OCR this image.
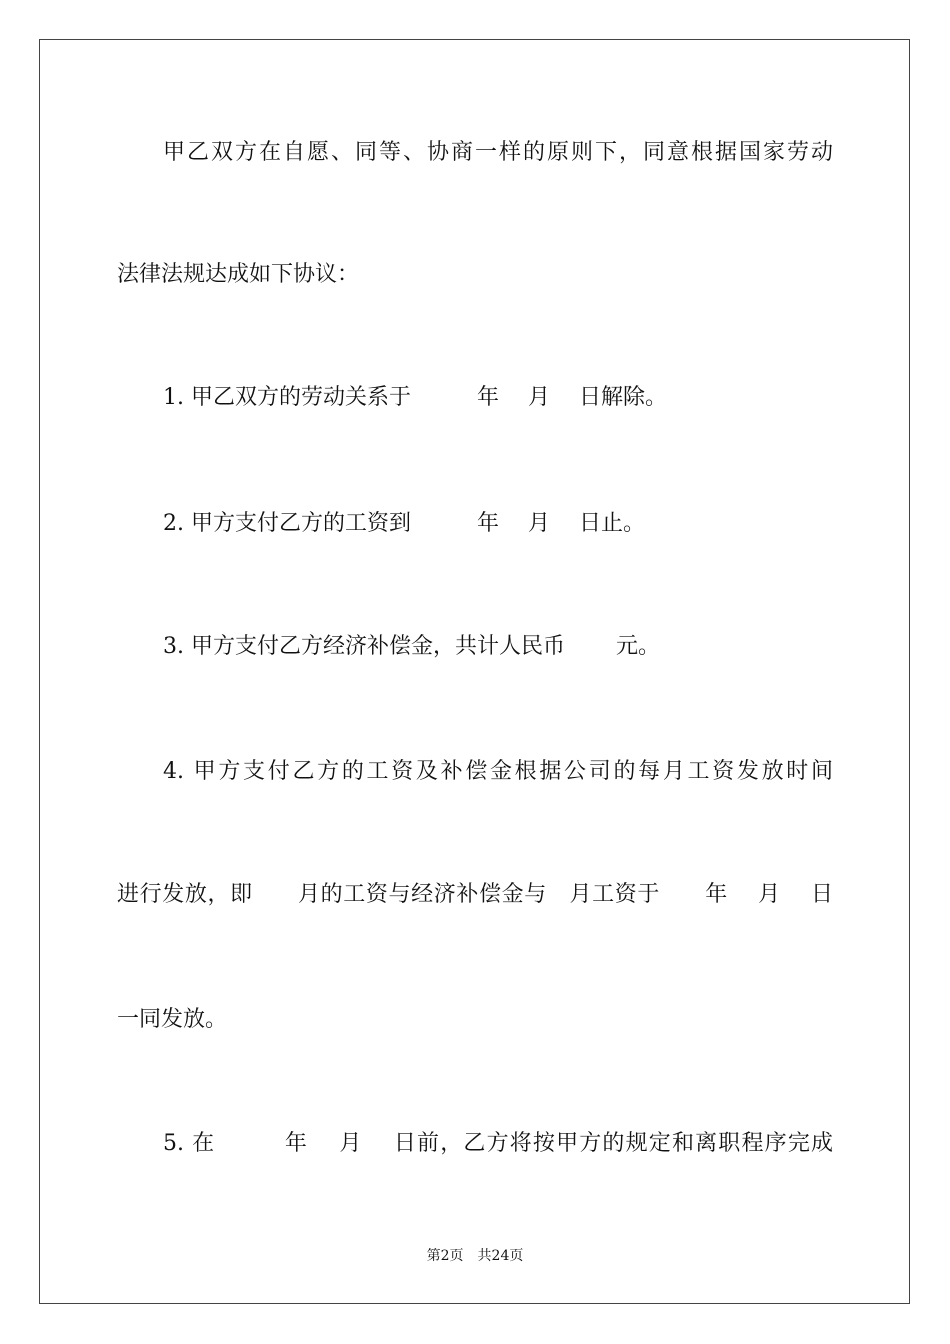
甲乙双方在自愿、同等、协商一样的原则下，同意根据国家劳动
法律法规达成如下协议：
1. 甲乙双方的劳动关系于　　　年　 月　 日解除。
2. 甲方支付乙方的工资到　　　年　 月　 日止。
3. 甲方支付乙方经济补偿金，共计人民币　　 元。
4. 甲方支付乙方的工资及补偿金根据公司的每月工资发放时间
进行发放，即　　月的工资与经济补偿金与　月工资于　　年　 月　 日
一同发放。
5. 在　　　年　 月　 日前，乙方将按甲方的规定和离职程序完成
第2页　共24页
